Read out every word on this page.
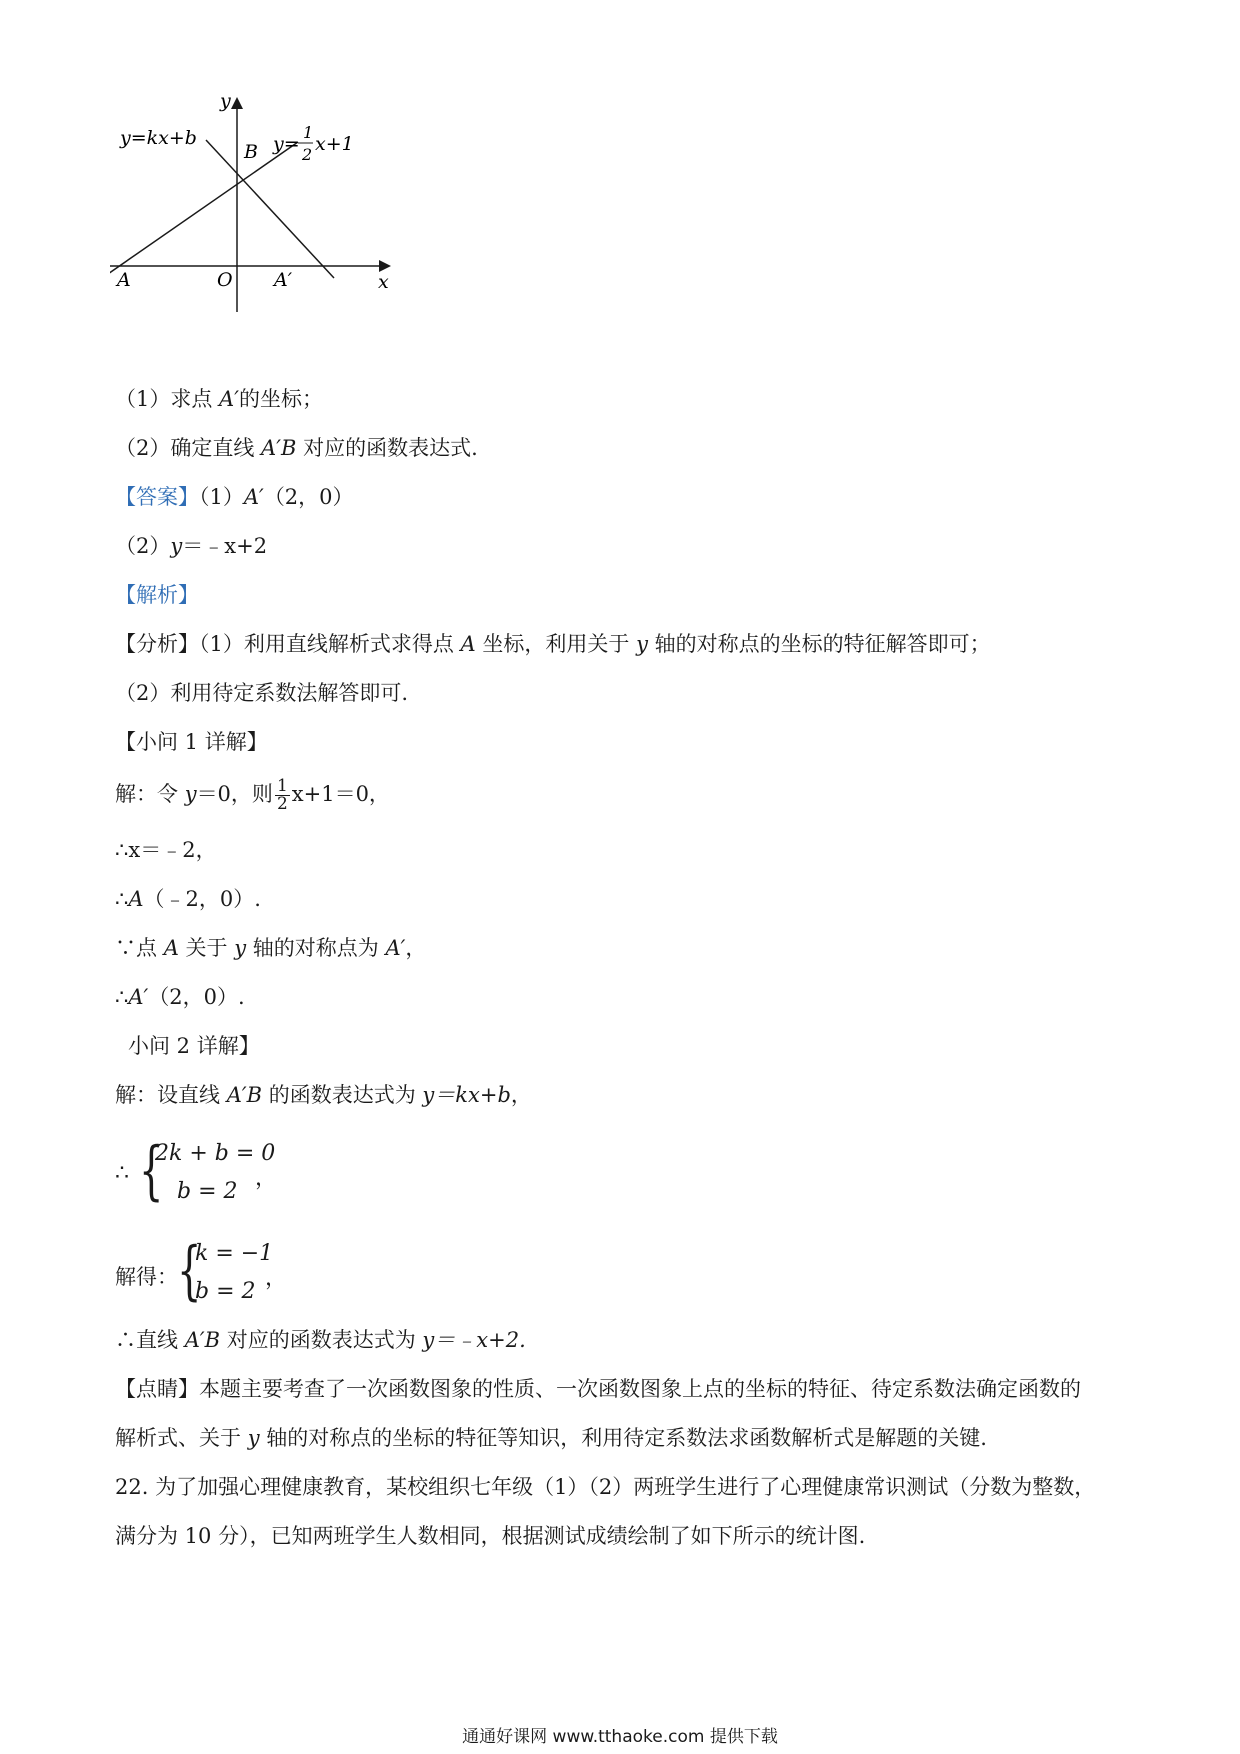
y
x
y=kx+b
B y=
1
2 x+1
A	O A′
（1）求点 A′的坐标；
（2）确定直线 A′B 对应的函数表达式.
【答案】（1）A′（2，0）
（2）y＝﹣x+2
【解析】
【分析】（1）利用直线解析式求得点 A 坐标，利用关于 y 轴的对称点的坐标的特征解答即可；
（2）利用待定系数法解答即可.
【小问 1 详解】
解：令 y＝0，则 $\frac{1}{2} x+1=0$，
∴x＝﹣2，
∴A（﹣2，0）.
∵点 A 关于 y 轴的对称点为 A′，
∴A′（2，0）.
小问 2 详解】
解：设直线 A′B 的函数表达式为 y＝kx+b，
∴ {
2k + b = 0
b = 2
，
解得： {
k = −1
b = 2
，
∴直线 A′B 对应的函数表达式为 y＝﹣x+2.
【点睛】本题主要考查了一次函数图象的性质、一次函数图象上点的坐标的特征、待定系数法确定函数的
解析式、关于 y 轴的对称点的坐标的特征等知识，利用待定系数法求函数解析式是解题的关键.
22. 为了加强心理健康教育，某校组织七年级（1）（2）两班学生进行了心理健康常识测试（分数为整数，
满分为 10 分），已知两班学生人数相同，根据测试成绩绘制了如下所示的统计图.
通通好课网 www.tthaoke.com 提供下载
